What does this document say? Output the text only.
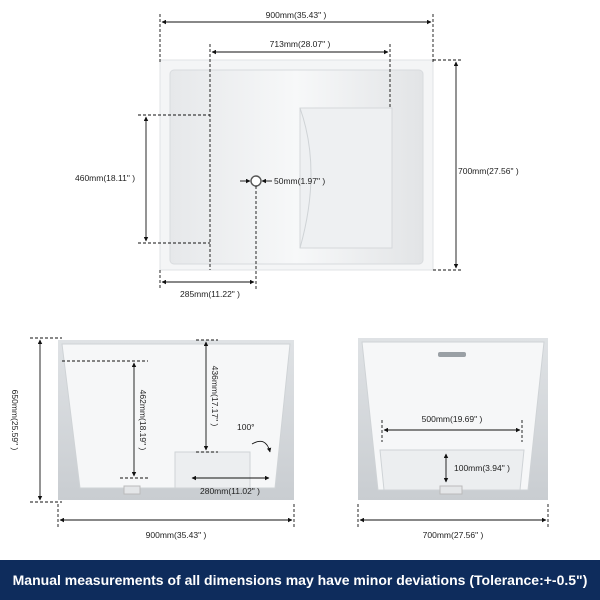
900mm(35.43" )
713mm(28.07" )
700mm(27.56" )
460mm(18.11" )	50mm(1.97" )
285mm(11.22" )
650mm(25.59" )	462mm(18.19" )	436mm(17.17" )
100°
280mm(11.02" )
900mm(35.43" )
500mm(19.69" )
100mm(3.94" )
700mm(27.56" )
Manual measurements of all dimensions may have minor deviations (Tolerance:+-0.5")
